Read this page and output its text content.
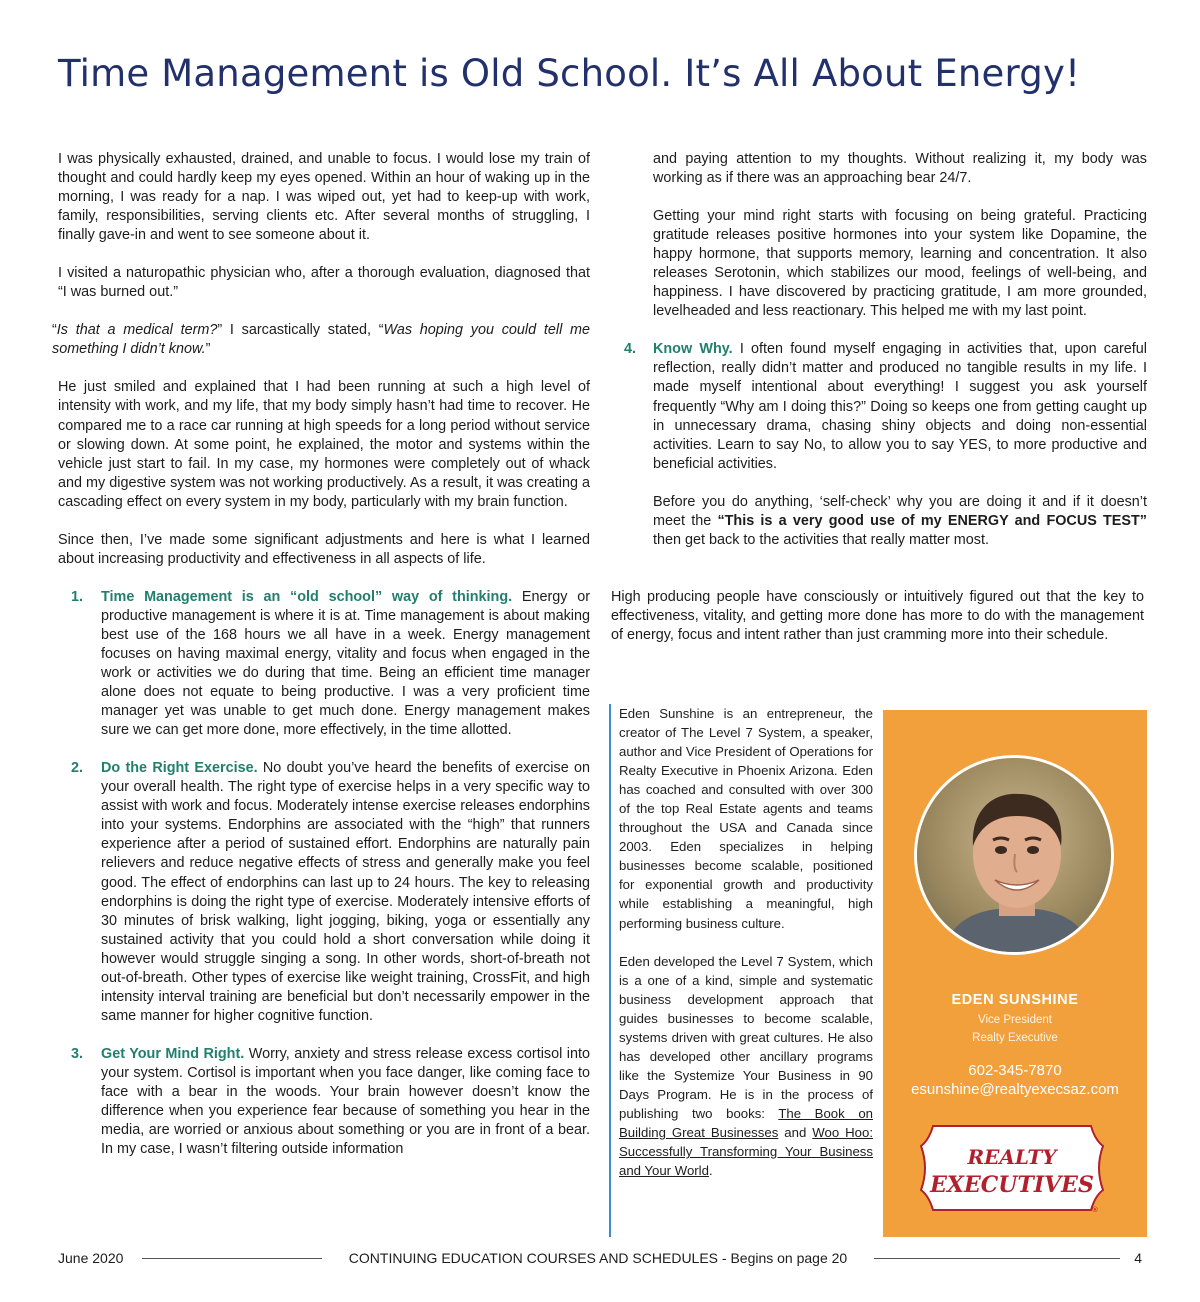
Time Management is Old School. It’s All About Energy!

I was physically exhausted, drained, and unable to focus. I would lose my train of thought and could hardly keep my eyes opened. Within an hour of waking up in the morning, I was ready for a nap. I was wiped out, yet had to keep-up with work, family, responsibilities, serving clients etc. After several months of struggling, I finally gave-in and went to see someone about it.

I visited a naturopathic physician who, after a thorough evaluation, diagnosed that “I was burned out.”

“Is that a medical term?” I sarcastically stated, “Was hoping you could tell me something I didn’t know.”

He just smiled and explained that I had been running at such a high level of intensity with work, and my life, that my body simply hasn’t had time to recover. He compared me to a race car running at high speeds for a long period without service or slowing down. At some point, he explained, the motor and systems within the vehicle just start to fail. In my case, my hormones were completely out of whack and my digestive system was not working productively. As a result, it was creating a cascading effect on every system in my body, particularly with my brain function.

Since then, I’ve made some significant adjustments and here is what I learned about increasing productivity and effectiveness in all aspects of life.

1. Time Management is an “old school” way of thinking. Energy or productive management is where it is at. Time management is about making best use of the 168 hours we all have in a week. Energy management focuses on having maximal energy, vitality and focus when engaged in the work or activities we do during that time. Being an efficient time manager alone does not equate to being productive. I was a very proficient time manager yet was unable to get much done. Energy management makes sure we can get more done, more effectively, in the time allotted.

2. Do the Right Exercise. No doubt you’ve heard the benefits of exercise on your overall health. The right type of exercise helps in a very specific way to assist with work and focus. Moderately intense exercise releases endorphins into your systems. Endorphins are associated with the “high” that runners experience after a period of sustained effort. Endorphins are naturally pain relievers and reduce negative effects of stress and generally make you feel good. The effect of endorphins can last up to 24 hours. The key to releasing endorphins is doing the right type of exercise. Moderately intensive efforts of 30 minutes of brisk walking, light jogging, biking, yoga or essentially any sustained activity that you could hold a short conversation while doing it however would struggle singing a song. In other words, short-of-breath not out-of-breath. Other types of exercise like weight training, CrossFit, and high intensity interval training are beneficial but don’t necessarily empower in the same manner for higher cognitive function.

3. Get Your Mind Right. Worry, anxiety and stress release excess cortisol into your system. Cortisol is important when you face danger, like coming face to face with a bear in the woods. Your brain however doesn’t know the difference when you experience fear because of something you hear in the media, are worried or anxious about something or you are in front of a bear. In my case, I wasn’t filtering outside information

and paying attention to my thoughts. Without realizing it, my body was working as if there was an approaching bear 24/7.

Getting your mind right starts with focusing on being grateful. Practicing gratitude releases positive hormones into your system like Dopamine, the happy hormone, that supports memory, learning and concentration. It also releases Serotonin, which stabilizes our mood, feelings of well-being, and happiness. I have discovered by practicing gratitude, I am more grounded, levelheaded and less reactionary. This helped me with my last point.

4. Know Why. I often found myself engaging in activities that, upon careful reflection, really didn’t matter and produced no tangible results in my life. I made myself intentional about everything! I suggest you ask yourself frequently “Why am I doing this?” Doing so keeps one from getting caught up in unnecessary drama, chasing shiny objects and doing non-essential activities. Learn to say No, to allow you to say YES, to more productive and beneficial activities.

Before you do anything, ‘self-check’ why you are doing it and if it doesn’t meet the “This is a very good use of my ENERGY and FOCUS TEST” then get back to the activities that really matter most.

High producing people have consciously or intuitively figured out that the key to effectiveness, vitality, and getting more done has more to do with the management of energy, focus and intent rather than just cramming more into their schedule.

Eden Sunshine is an entrepreneur, the creator of The Level 7 System, a speaker, author and Vice President of Operations for Realty Executive in Phoenix Arizona. Eden has coached and consulted with over 300 of the top Real Estate agents and teams throughout the USA and Canada since 2003. Eden specializes in helping businesses become scalable, positioned for exponential growth and productivity while establishing a meaningful, high performing business culture.

Eden developed the Level 7 System, which is a one of a kind, simple and systematic business development approach that guides businesses to become scalable, systems driven with great cultures. He also has developed other ancillary programs like the Systemize Your Business in 90 Days Program. He is in the process of publishing two books: The Book on Building Great Businesses and Woo Hoo: Successfully Transforming Your Business and Your World.

EDEN SUNSHINE
Vice President
Realty Executive
602-345-7870
esunshine@realtyexecsaz.com
REALTY
EXECUTIVES
®
June 2020	CONTINUING EDUCATION COURSES AND SCHEDULES - Begins on page 20	4
